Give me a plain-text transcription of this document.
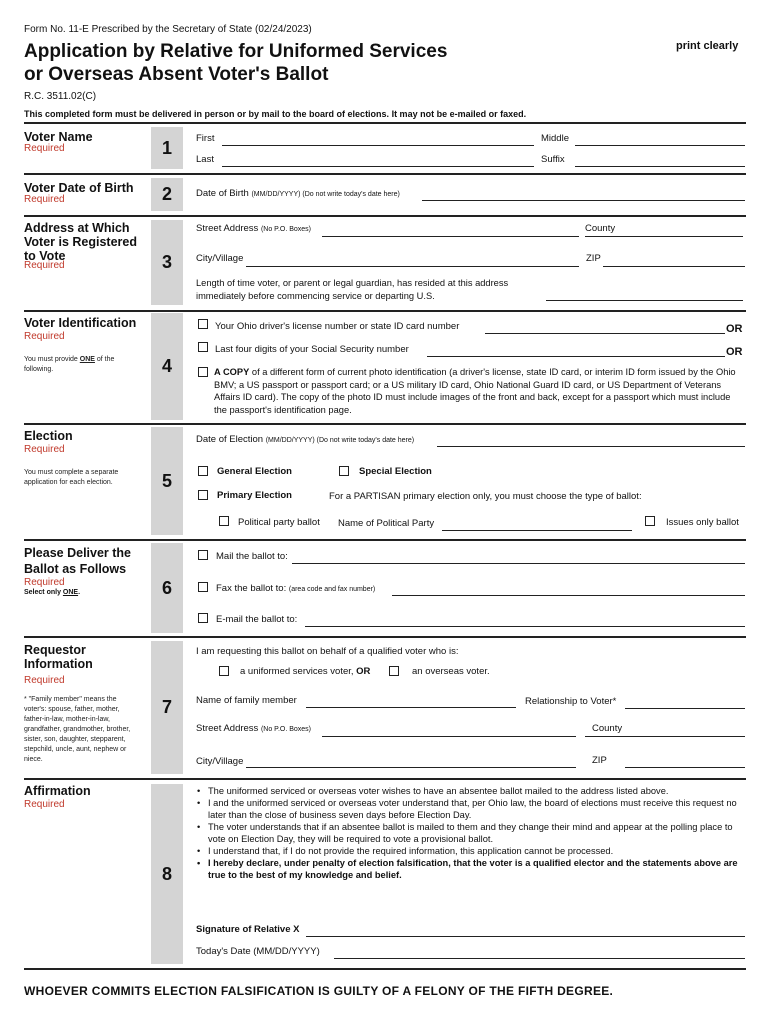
Form No. 11-E Prescribed by the Secretary of State (02/24/2023)
Application by Relative for Uniformed Services
or Overseas Absent Voter's Ballot
print clearly
R.C. 3511.02(C)
This completed form must be delivered in person or by mail to the board of elections. It may not be e-mailed or faxed.
Voter Name
Required	1	First	Middle
Last	Suffix
Voter Date of Birth
Required	2	Date of Birth (MM/DD/YYYY) (Do not write today's date here)
Address at Which Voter is Registered to Vote
Required	3
Street Address (No P.O. Boxes)	County
City/Village	ZIP
Length of time voter, or parent or legal guardian, has resided at this address immediately before commencing service or departing U.S.
Voter Identification
Required
You must provide ONE of the following.	4
Your Ohio driver's license number or state ID card number	OR
Last four digits of your Social Security number	OR
A COPY of a different form of current photo identification (a driver's license, state ID card, or interim ID form issued by the Ohio BMV; a US passport or passport card; or a US military ID card, Ohio National Guard ID card, or US Department of Veterans Affairs ID card). The copy of the photo ID must include images of the front and back, except for a passport which must include the passport's identification page.
Election
Required
You must complete a separate application for each election.	5
Date of Election (MM/DD/YYYY) (Do not write today's date here)
General Election	Special Election
Primary Election	For a PARTISAN primary election only, you must choose the type of ballot:
Political party ballot Name of Political Party	Issues only ballot
Please Deliver the Ballot as Follows
Required
Select only ONE.	6
Mail the ballot to:
Fax the ballot to: (area code and fax number)
E-mail the ballot to:
Requestor Information
Required
* "Family member" means the voter's: spouse, father, mother, father-in-law, mother-in-law, grandfather, grandmother, brother, sister, son, daughter, stepparent, stepchild, uncle, aunt, nephew or niece.
7
I am requesting this ballot on behalf of a qualified voter who is:
a uniformed services voter, OR	an overseas voter.
Name of family member	Relationship to Voter*
Street Address (No P.O. Boxes)	County
City/Village	ZIP
Affirmation
Required
8
• The uniformed serviced or overseas voter wishes to have an absentee ballot mailed to the address listed above.
• I and the uniformed serviced or overseas voter understand that, per Ohio law, the board of elections must receive this request no later than the close of business seven days before Election Day.
• The voter understands that if an absentee ballot is mailed to them and they change their mind and appear at the polling place to vote on Election Day, they will be required to vote a provisional ballot.
• I understand that, if I do not provide the required information, this application cannot be processed.
• I hereby declare, under penalty of election falsification, that the voter is a qualified elector and the statements above are true to the best of my knowledge and belief.
Signature of Relative X
Today's Date (MM/DD/YYYY)
WHOEVER COMMITS ELECTION FALSIFICATION IS GUILTY OF A FELONY OF THE FIFTH DEGREE.
